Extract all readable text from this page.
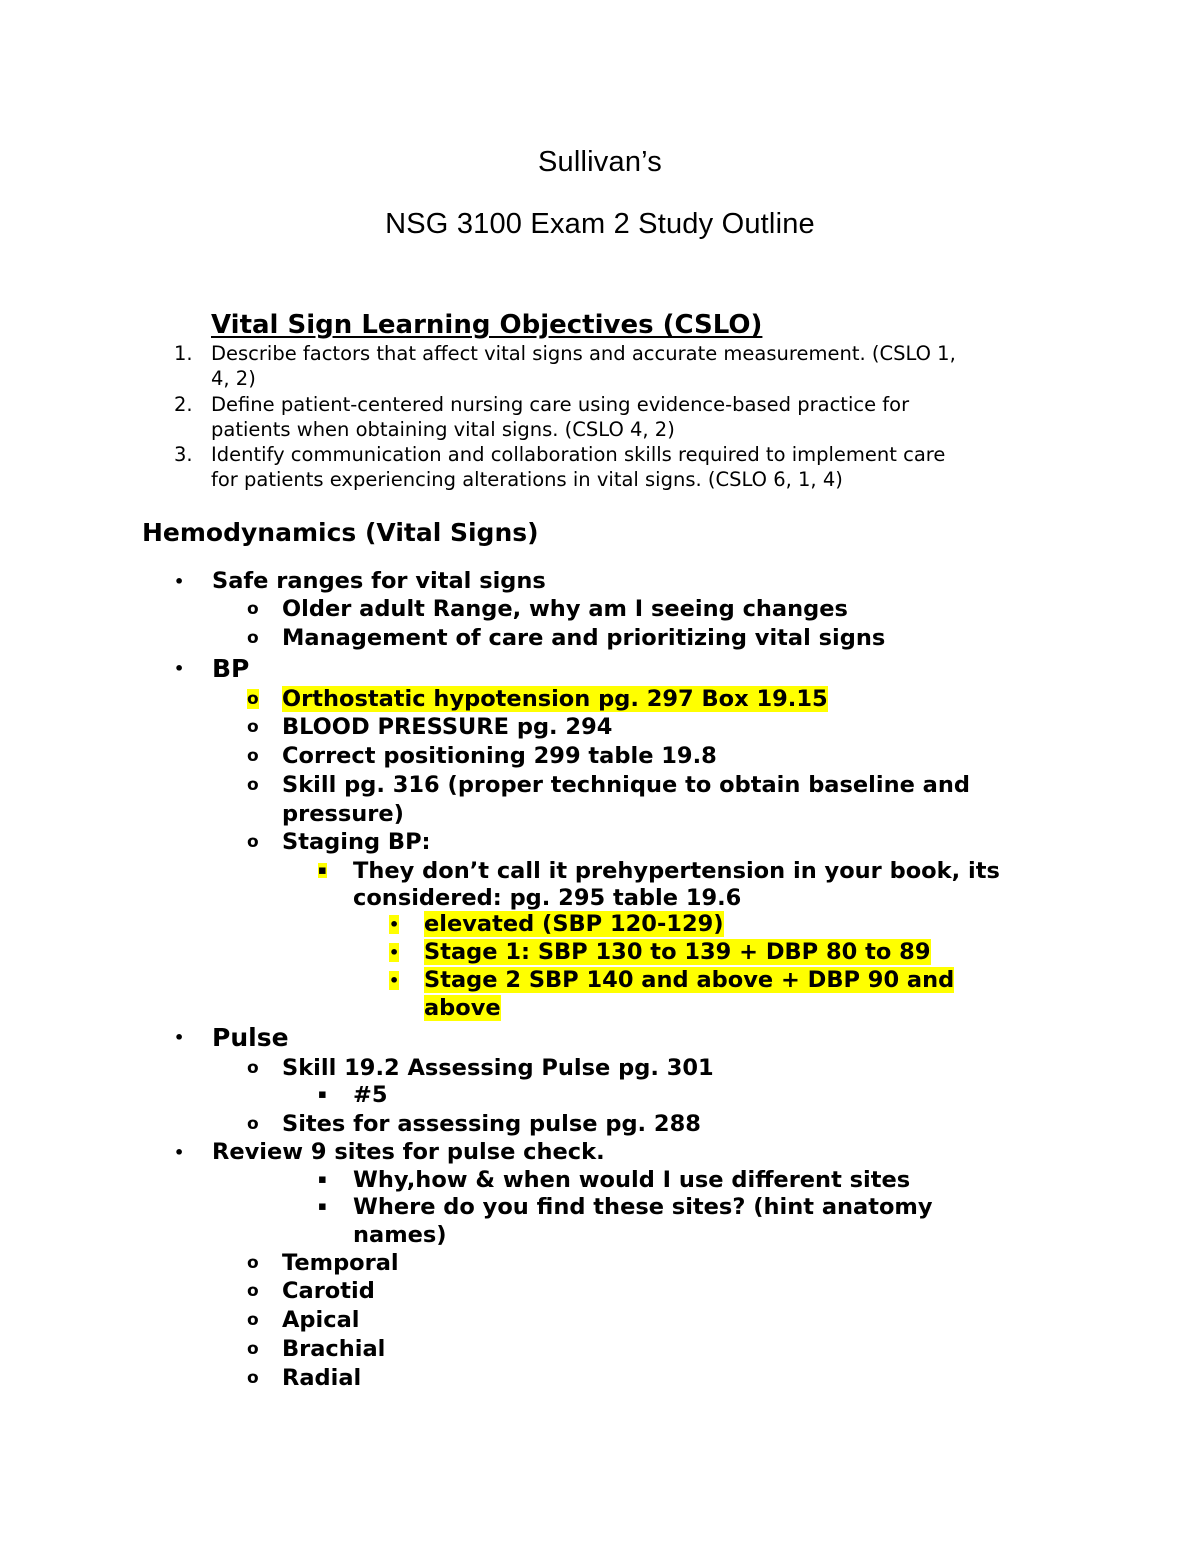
Sullivan’s
NSG 3100 Exam 2 Study Outline
Vital Sign Learning Objectives (CSLO)
1. Describe factors that affect vital signs and accurate measurement. (CSLO 1,
4, 2)
2. Define patient-centered nursing care using evidence-based practice for
patients when obtaining vital signs. (CSLO 4, 2)
3. Identify communication and collaboration skills required to implement care
for patients experiencing alterations in vital signs. (CSLO 6, 1, 4)
Hemodynamics (Vital Signs)
• Safe ranges for vital signs
o Older adult Range, why am I seeing changes
o Management of care and prioritizing vital signs
• BP
o Orthostatic hypotension pg. 297 Box 19.15
o BLOOD PRESSURE pg. 294
o Correct positioning 299 table 19.8
o Skill pg. 316 (proper technique to obtain baseline and
pressure)
o Staging BP:
▪ They don’t call it prehypertension in your book, its
considered: pg. 295 table 19.6
• elevated (SBP 120-129)
• Stage 1: SBP 130 to 139 + DBP 80 to 89
• Stage 2 SBP 140 and above + DBP 90 and
above
• Pulse
o Skill 19.2 Assessing Pulse pg. 301
▪ #5
o Sites for assessing pulse pg. 288
• Review 9 sites for pulse check.
▪ Why,how & when would I use different sites
▪ Where do you find these sites? (hint anatomy
names)
o Temporal
o Carotid
o Apical
o Brachial
o Radial
